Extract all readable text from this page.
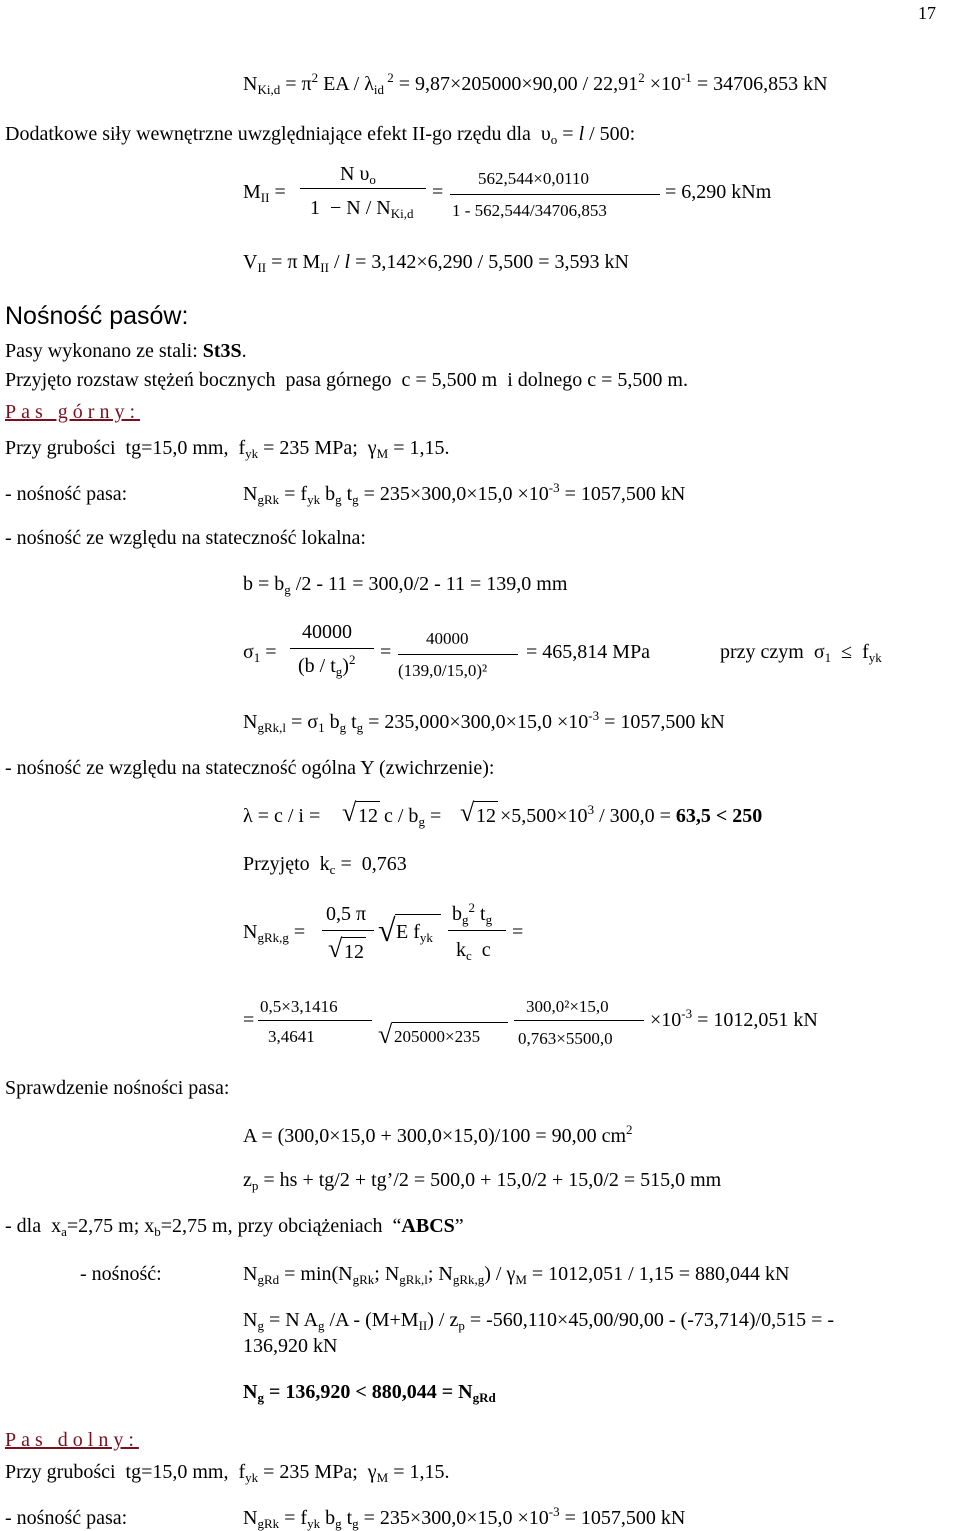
17
$N_{Ki,d} = \pi^2$ EA / $\lambda_{id}$ $^2 = 9,87\times 205000\times 90,00 / 22,91^2 \times 10^{-1} = 34706,853$ kN
Dodatkowe siły wewnętrzne uwzględniające efekt II-go rzędu dla  $\upsilon_o = l / 500$:
$M_{II}$ =
N $\upsilon_o$
$1 - N / N_{Ki,d}$
=
562,544×0,0110
1 - 562,544/34706,853
= 6,290 kNm
$V_{II} = \pi$ $M_{II} / l = 3,142\times 6,290 / 5,500 = 3,593$ kN
Nośność pasów:
Pasy wykonano ze stali: St3S.
Przyjęto rozstaw stężeń bocznych  pasa górnego  c = 5,500 m  i dolnego c = 5,500 m.
Pas górny:
Przy grubości  tg=15,0 mm,  $f_{yk} = 235$ MPa;  $\gamma_M = 1,15$.
- nośność pasa:	$N_{gRk} = f_{yk}$ $b_g$ $t_g = 235\times 300,0\times 15,0 \times 10^{-3} = 1057,500$ kN
- nośność ze względu na stateczność lokalna:
$b = b_g$ /2 - 11 = 300,0/2 - 11 = 139,0 mm
$\sigma_1$ =
40000
$(b / t_g)^2$ =
40000
(139,0/15,0)²
= 465,814 MPa	przy czym  $\sigma_1 \le f_{yk}$
$N_{gRk,l} = \sigma_1$ $b_g$ $t_g = 235,000\times 300,0\times 15,0 \times 10^{-3} = 1057,500$ kN
- nośność ze względu na stateczność ogólna Y (zwichrzenie):
λ = c / i = √ 12 c / $b_g$ = √ $12 \times 5,500\times 10^3 / 300,0 = 63,5 < 250$
Przyjęto  $k_c = 0,763$
$N_{gRk,g}$ =
0,5 π
√ 12
√ E $f_{yk}$
$b_g^2$ $t_g$
$k_c$  c
=
=
0,5×3,1416
3,4641 √ 205000×235
300,0²×15,0
0,763×5500,0
$\times 10^{-3} = 1012,051$ kN
Sprawdzenie nośności pasa:
A = (300,0×15,0 + 300,0×15,0)/100 = 90,00 $cm^2$
$z_p$ = hs + tg/2 + tg’/2 = 500,0 + 15,0/2 + 15,0/2 = 515,0 mm
- dla  $x_a=2,75$ m; $x_b=2,75$ m, przy obciążeniach  “ABCS”
- nośność:	$N_{gRd} = \min(N_{gRk}$; $N_{gRk,l}$; $N_{gRk,g}) / \gamma_M = 1012,051 / 1,15 = 880,044$ kN
$N_g = N$ $A_g$ $/A - (M+M_{II}) / z_p = -560,110\times 45,00/90,00 - (-73,714)/0,515$ = -
136,920 kN
$N_g = 136,920 < 880,044 = N_{gRd}$
Pas dolny:
Przy grubości  tg=15,0 mm,  $f_{yk} = 235$ MPa;  $\gamma_M = 1,15$.
- nośność pasa:	$N_{gRk} = f_{yk}$ $b_g$ $t_g = 235\times 300,0\times 15,0 \times 10^{-3} = 1057,500$ kN
